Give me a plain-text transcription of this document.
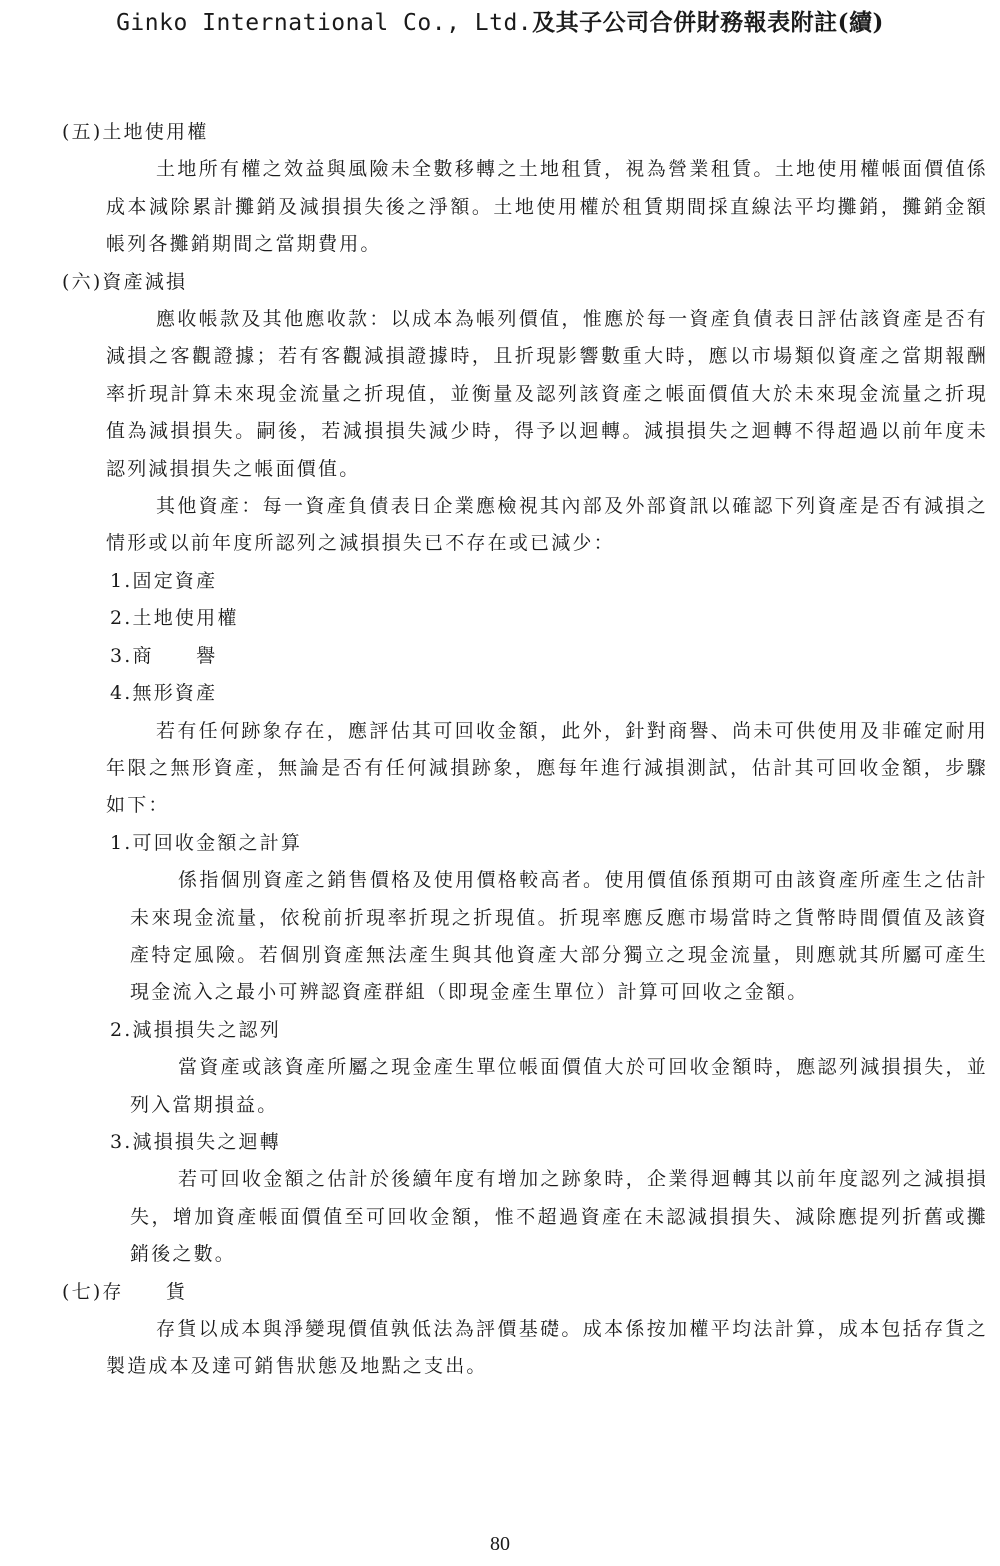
Ginko International Co., Ltd.及其子公司合併財務報表附註(續)
(五)土地使用權
土地所有權之效益與風險未全數移轉之土地租賃，視為營業租賃。土地使用權帳面價值係成本減除累計攤銷及減損損失後之淨額。土地使用權於租賃期間採直線法平均攤銷，攤銷金額帳列各攤銷期間之當期費用。
(六)資產減損
應收帳款及其他應收款：以成本為帳列價值，惟應於每一資產負債表日評估該資產是否有減損之客觀證據；若有客觀減損證據時，且折現影響數重大時，應以市場類似資產之當期報酬率折現計算未來現金流量之折現值，並衡量及認列該資產之帳面價值大於未來現金流量之折現值為減損損失。嗣後，若減損損失減少時，得予以迴轉。減損損失之迴轉不得超過以前年度未認列減損損失之帳面價值。
其他資產：每一資產負債表日企業應檢視其內部及外部資訊以確認下列資產是否有減損之情形或以前年度所認列之減損損失已不存在或已減少：
1.固定資產
2.土地使用權
3.商　　譽
4.無形資產
若有任何跡象存在，應評估其可回收金額，此外，針對商譽、尚未可供使用及非確定耐用年限之無形資產，無論是否有任何減損跡象，應每年進行減損測試，估計其可回收金額，步驟如下：
1.可回收金額之計算
係指個別資產之銷售價格及使用價格較高者。使用價值係預期可由該資產所產生之估計未來現金流量，依稅前折現率折現之折現值。折現率應反應市場當時之貨幣時間價值及該資產特定風險。若個別資產無法產生與其他資產大部分獨立之現金流量，則應就其所屬可產生現金流入之最小可辨認資產群組（即現金產生單位）計算可回收之金額。
2.減損損失之認列
當資產或該資產所屬之現金產生單位帳面價值大於可回收金額時，應認列減損損失，並列入當期損益。
3.減損損失之迴轉
若可回收金額之估計於後續年度有增加之跡象時，企業得迴轉其以前年度認列之減損損失，增加資產帳面價值至可回收金額，惟不超過資產在未認減損損失、減除應提列折舊或攤銷後之數。
(七)存　　貨
存貨以成本與淨變現價值孰低法為評價基礎。成本係按加權平均法計算，成本包括存貨之製造成本及達可銷售狀態及地點之支出。
80
